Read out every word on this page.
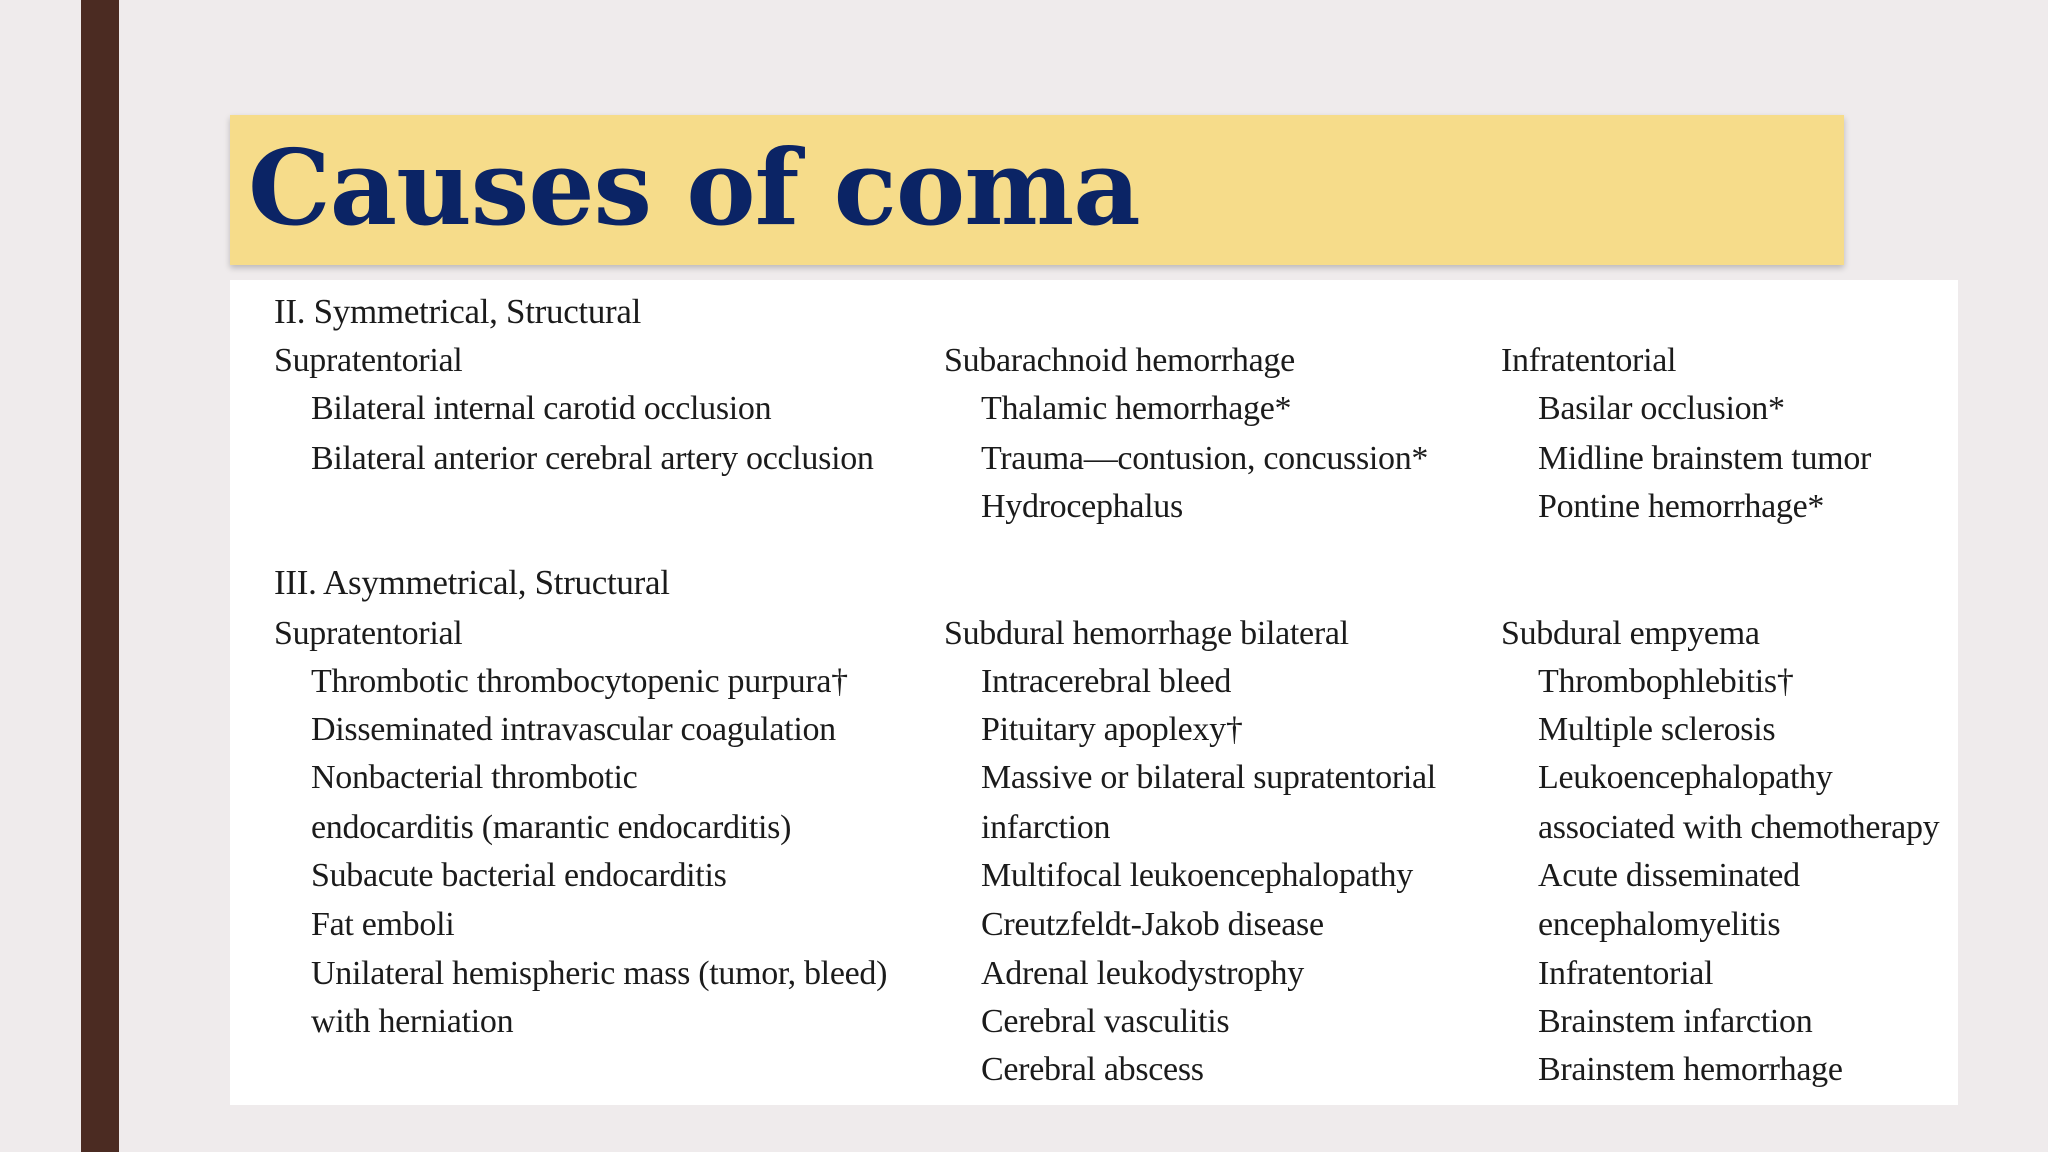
Causes of coma
II. Symmetrical, Structural
Supratentorial
Bilateral internal carotid occlusion
Bilateral anterior cerebral artery occlusion
Subarachnoid hemorrhage
Thalamic hemorrhage*
Trauma—contusion, concussion*
Hydrocephalus
Infratentorial
Basilar occlusion*
Midline brainstem tumor
Pontine hemorrhage*
III. Asymmetrical, Structural
Supratentorial
Thrombotic thrombocytopenic purpura†
Disseminated intravascular coagulation
Nonbacterial thrombotic
endocarditis (marantic endocarditis)
Subacute bacterial endocarditis
Fat emboli
Unilateral hemispheric mass (tumor, bleed)
with herniation
Subdural hemorrhage bilateral
Intracerebral bleed
Pituitary apoplexy†
Massive or bilateral supratentorial
infarction
Multifocal leukoencephalopathy
Creutzfeldt-Jakob disease
Adrenal leukodystrophy
Cerebral vasculitis
Cerebral abscess
Subdural empyema
Thrombophlebitis†
Multiple sclerosis
Leukoencephalopathy
associated with chemotherapy
Acute disseminated
encephalomyelitis
Infratentorial
Brainstem infarction
Brainstem hemorrhage
